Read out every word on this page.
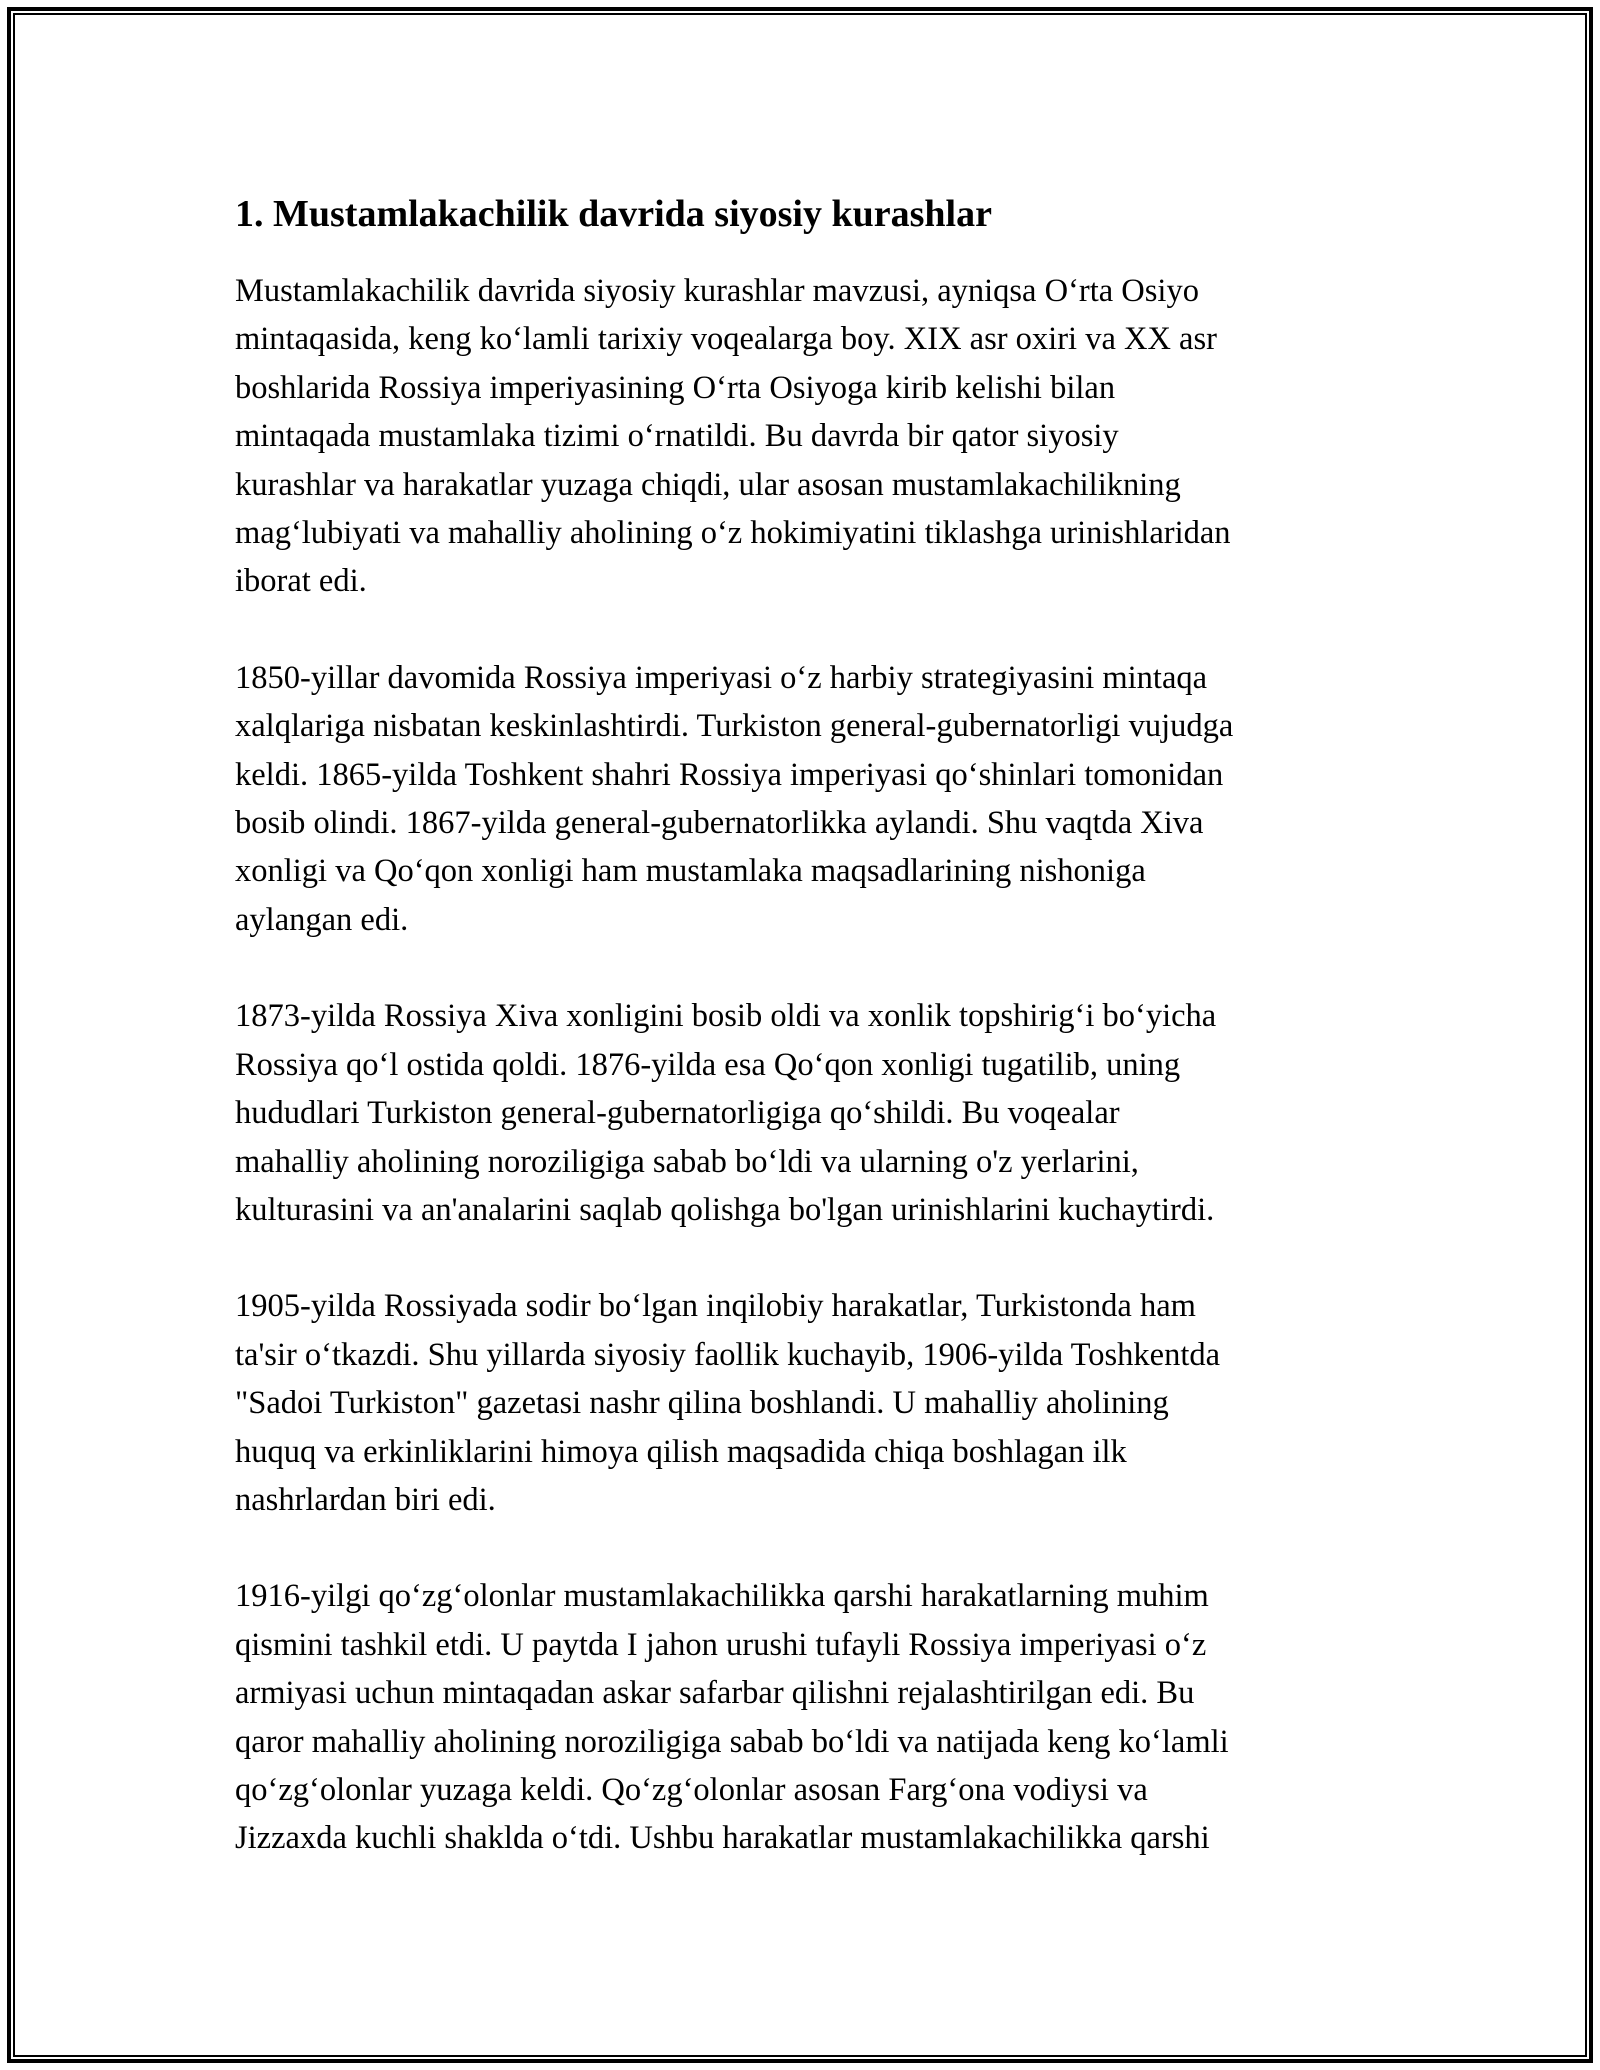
1. Mustamlakachilik davrida siyosiy kurashlar

Mustamlakachilik davrida siyosiy kurashlar mavzusi, ayniqsa O‘rta Osiyo
mintaqasida, keng ko‘lamli tarixiy voqealarga boy. XIX asr oxiri va XX asr
boshlarida Rossiya imperiyasining O‘rta Osiyoga kirib kelishi bilan
mintaqada mustamlaka tizimi o‘rnatildi. Bu davrda bir qator siyosiy
kurashlar va harakatlar yuzaga chiqdi, ular asosan mustamlakachilikning
mag‘lubiyati va mahalliy aholining o‘z hokimiyatini tiklashga urinishlaridan
iborat edi.

1850-yillar davomida Rossiya imperiyasi o‘z harbiy strategiyasini mintaqa
xalqlariga nisbatan keskinlashtirdi. Turkiston general-gubernatorligi vujudga
keldi. 1865-yilda Toshkent shahri Rossiya imperiyasi qo‘shinlari tomonidan
bosib olindi. 1867-yilda general-gubernatorlikka aylandi. Shu vaqtda Xiva
xonligi va Qo‘qon xonligi ham mustamlaka maqsadlarining nishoniga
aylangan edi.

1873-yilda Rossiya Xiva xonligini bosib oldi va xonlik topshirig‘i bo‘yicha
Rossiya qo‘l ostida qoldi. 1876-yilda esa Qo‘qon xonligi tugatilib, uning
hududlari Turkiston general-gubernatorligiga qo‘shildi. Bu voqealar
mahalliy aholining noroziligiga sabab bo‘ldi va ularning o'z yerlarini,
kulturasini va an'analarini saqlab qolishga bo'lgan urinishlarini kuchaytirdi.

1905-yilda Rossiyada sodir bo‘lgan inqilobiy harakatlar, Turkistonda ham
ta'sir o‘tkazdi. Shu yillarda siyosiy faollik kuchayib, 1906-yilda Toshkentda
"Sadoi Turkiston" gazetasi nashr qilina boshlandi. U mahalliy aholining
huquq va erkinliklarini himoya qilish maqsadida chiqa boshlagan ilk
nashrlardan biri edi.

1916-yilgi qo‘zg‘olonlar mustamlakachilikka qarshi harakatlarning muhim
qismini tashkil etdi. U paytda I jahon urushi tufayli Rossiya imperiyasi o‘z
armiyasi uchun mintaqadan askar safarbar qilishni rejalashtirilgan edi. Bu
qaror mahalliy aholining noroziligiga sabab bo‘ldi va natijada keng ko‘lamli
qo‘zg‘olonlar yuzaga keldi. Qo‘zg‘olonlar asosan Farg‘ona vodiysi va
Jizzaxda kuchli shaklda o‘tdi. Ushbu harakatlar mustamlakachilikka qarshi
